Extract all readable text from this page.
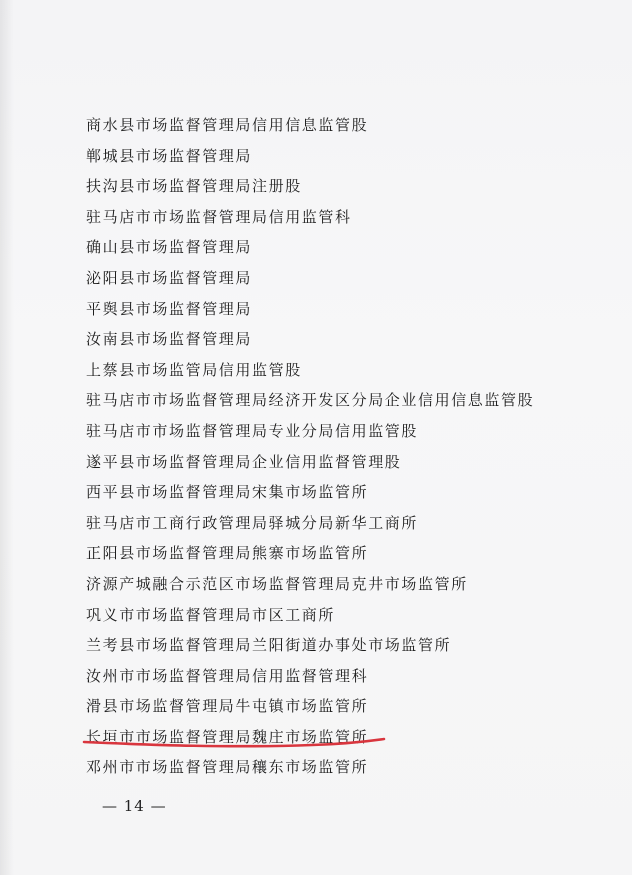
商水县市场监督管理局信用信息监管股
郸城县市场监督管理局
扶沟县市场监督管理局注册股
驻马店市市场监督管理局信用监管科
确山县市场监督管理局
泌阳县市场监督管理局
平舆县市场监督管理局
汝南县市场监督管理局
上蔡县市场监管局信用监管股
驻马店市市场监督管理局经济开发区分局企业信用信息监管股
驻马店市市场监督管理局专业分局信用监管股
遂平县市场监督管理局企业信用监督管理股
西平县市场监督管理局宋集市场监管所
驻马店市工商行政管理局驿城分局新华工商所
正阳县市场监督管理局熊寨市场监管所
济源产城融合示范区市场监督管理局克井市场监管所
巩义市市场监督管理局市区工商所
兰考县市场监督管理局兰阳街道办事处市场监管所
汝州市市场监督管理局信用监督管理科
滑县市场监督管理局牛屯镇市场监管所
长垣市市场监督管理局魏庄市场监管所
邓州市市场监督管理局穰东市场监管所
— 14 —
